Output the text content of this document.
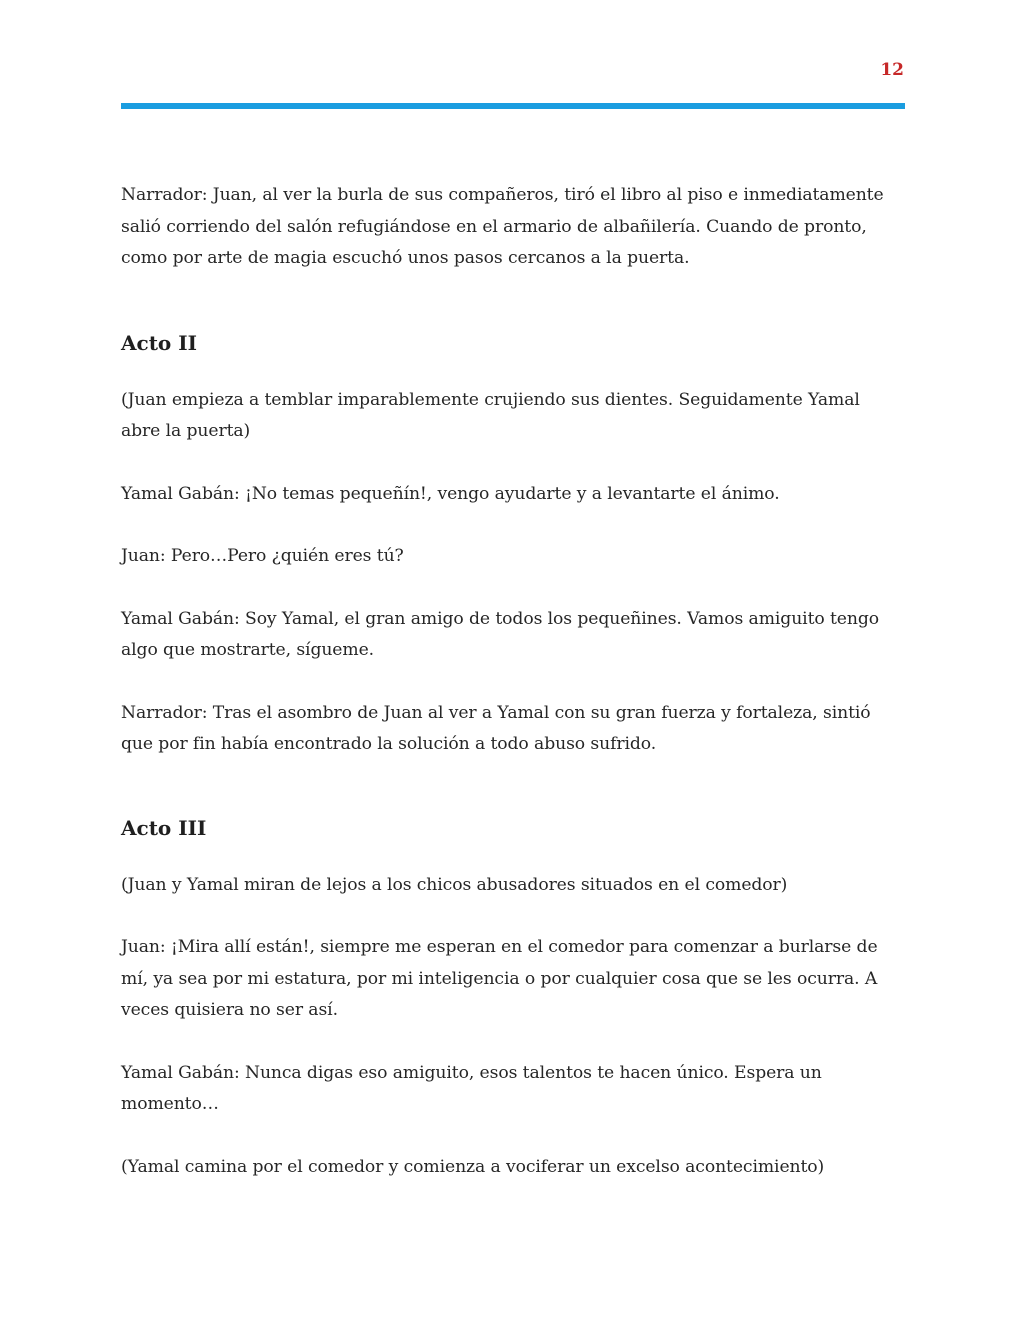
12

Narrador: Juan, al ver la burla de sus compañeros, tiró el libro al piso e inmediatamente
salió corriendo del salón refugiándose en el armario de albañilería. Cuando de pronto,
como por arte de magia escuchó unos pasos cercanos a la puerta.

Acto II

(Juan empieza a temblar imparablemente crujiendo sus dientes. Seguidamente Yamal
abre la puerta)

Yamal Gabán: ¡No temas pequeñín!, vengo ayudarte y a levantarte el ánimo.

Juan: Pero…Pero ¿quién eres tú?

Yamal Gabán: Soy Yamal, el gran amigo de todos los pequeñines. Vamos amiguito tengo
algo que mostrarte, sígueme.

Narrador: Tras el asombro de Juan al ver a Yamal con su gran fuerza y fortaleza, sintió
que por fin había encontrado la solución a todo abuso sufrido.

Acto III

(Juan y Yamal miran de lejos a los chicos abusadores situados en el comedor)

Juan: ¡Mira allí están!, siempre me esperan en el comedor para comenzar a burlarse de
mí, ya sea por mi estatura, por mi inteligencia o por cualquier cosa que se les ocurra. A
veces quisiera no ser así.

Yamal Gabán: Nunca digas eso amiguito, esos talentos te hacen único. Espera un
momento…

(Yamal camina por el comedor y comienza a vociferar un excelso acontecimiento)
